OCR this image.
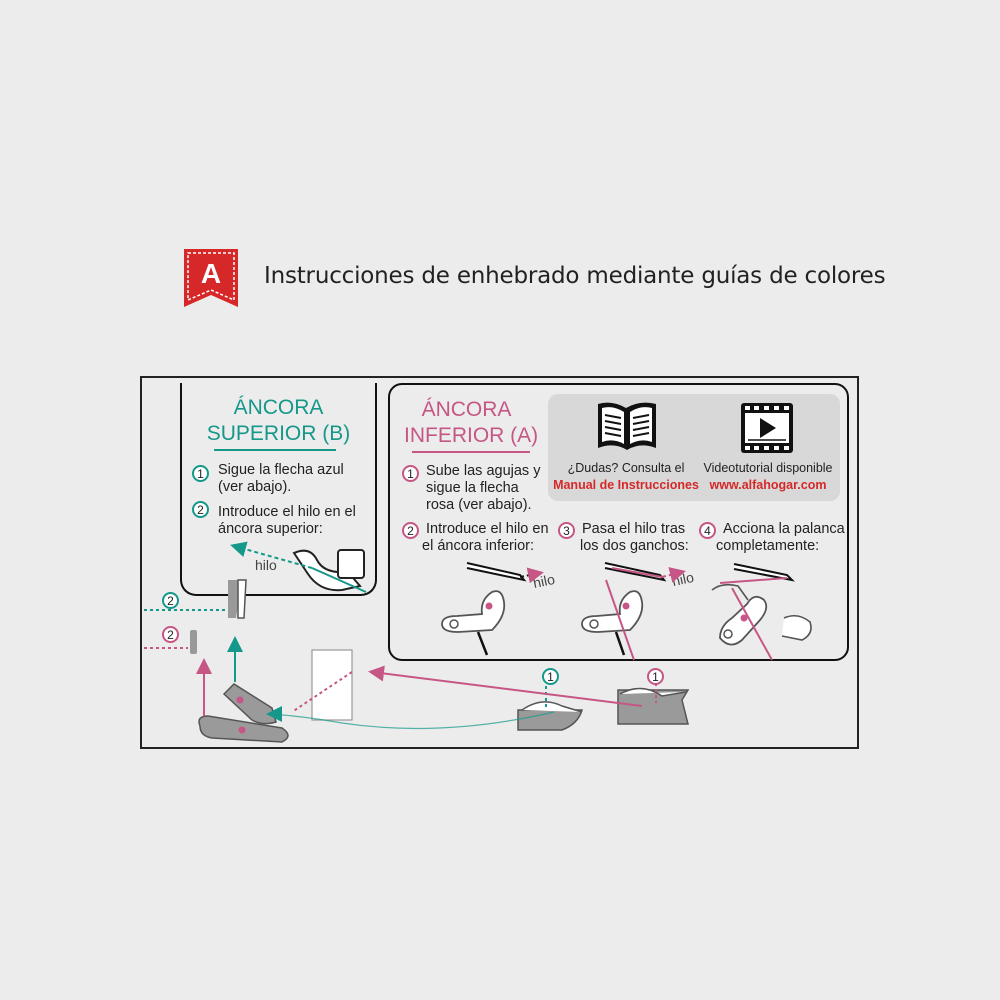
A Instrucciones de enhebrado mediante guías de colores
ÁNCORA
SUPERIOR (B)
1 Sigue la flecha azul
(ver abajo).
2 Introduce el hilo en el
áncora superior:
hilo
ÁNCORA
INFERIOR (A)
¿Dudas? Consulta el
Manual de Instrucciones
Videotutorial disponible
www.alfahogar.com
1 Sube las agujas y
sigue la flecha
rosa (ver abajo).
2 Introduce el hilo en
el áncora inferior:
3 Pasa el hilo tras
los dos ganchos:
4 Acciona la palanca
completamente:
hilo	hilo
2
2
1	1
